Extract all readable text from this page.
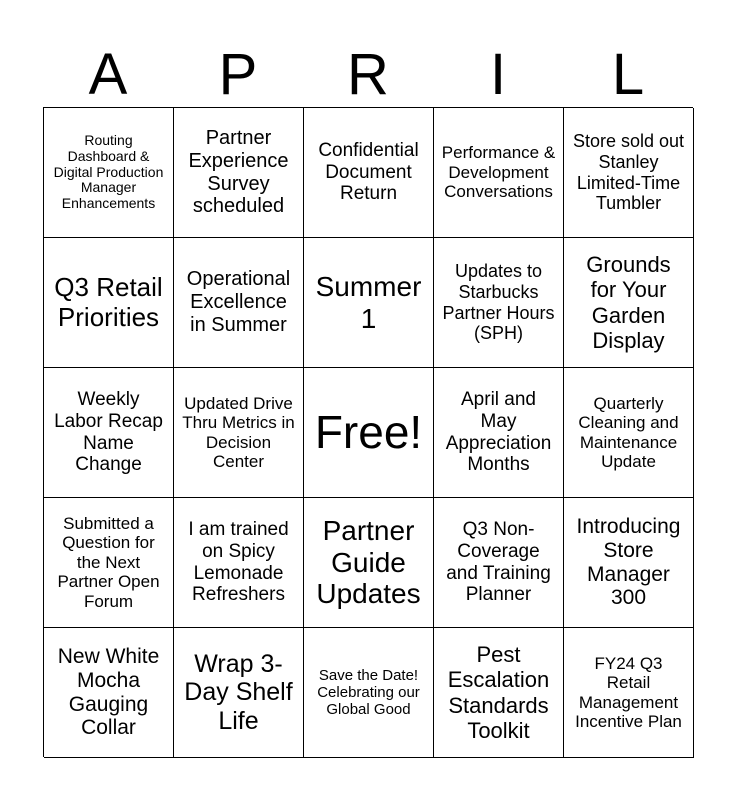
A	P	R	I	L
Routing Dashboard & Digital Production Manager Enhancements
Partner Experience Survey scheduled
Confidential Document Return
Performance & Development Conversations
Store sold out Stanley Limited-Time Tumbler
Q3 Retail Priorities
Operational Excellence in Summer
Summer 1
Updates to Starbucks Partner Hours (SPH)
Grounds for Your Garden Display
Weekly Labor Recap Name Change
Updated Drive Thru Metrics in Decision Center
Free!
April and May Appreciation Months
Quarterly Cleaning and Maintenance Update
Submitted a Question for the Next Partner Open Forum
I am trained on Spicy Lemonade Refreshers
Partner Guide Updates
Q3 Non-Coverage and Training Planner
Introducing Store Manager 300
New White Mocha Gauging Collar
Wrap 3-Day Shelf Life
Save the Date! Celebrating our Global Good
Pest Escalation Standards Toolkit
FY24 Q3 Retail Management Incentive Plan
